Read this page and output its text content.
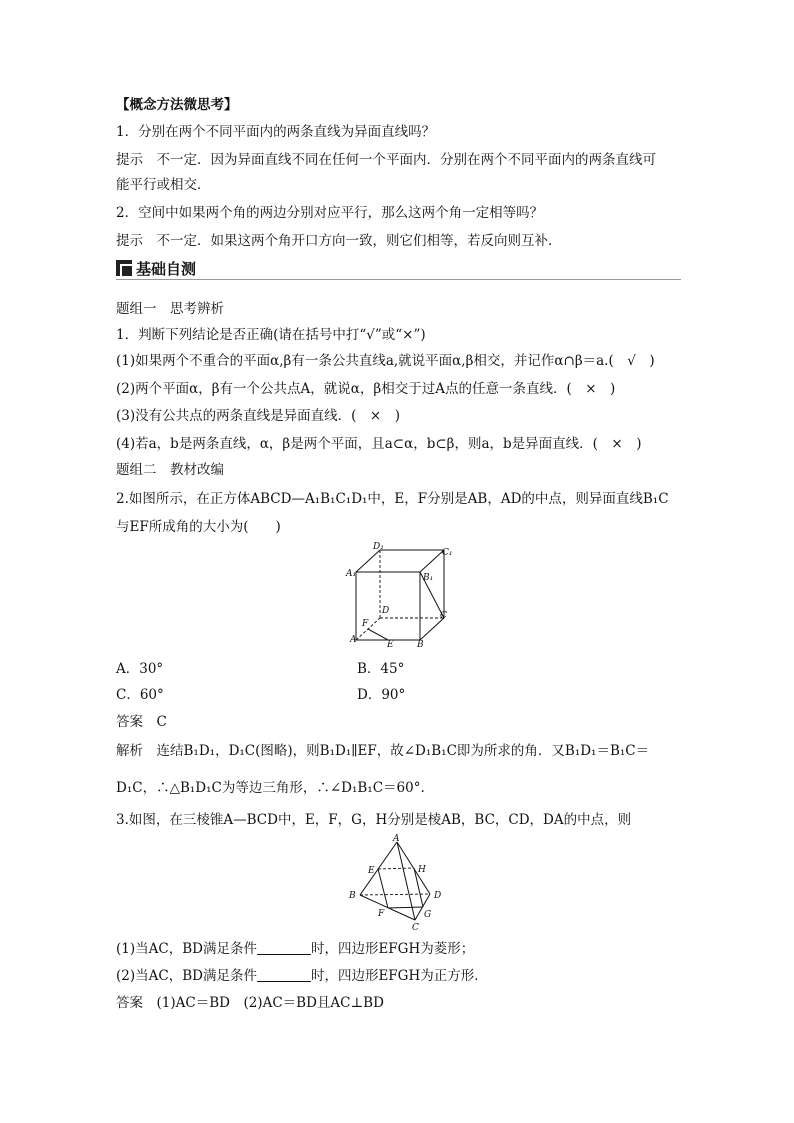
【概念方法微思考】
1．分别在两个不同平面内的两条直线为异面直线吗？
提示　不一定．因为异面直线不同在任何一个平面内．分别在两个不同平面内的两条直线可
能平行或相交．
2．空间中如果两个角的两边分别对应平行，那么这两个角一定相等吗？
提示　不一定．如果这两个角开口方向一致，则它们相等，若反向则互补．
基础自测
题组一　思考辨析
1．判断下列结论是否正确(请在括号中打“√”或“×”)
(1)如果两个不重合的平面α,β有一条公共直线a,就说平面α,β相交，并记作α∩β＝a.(　√　)
(2)两个平面α，β有一个公共点A，就说α，β相交于过A点的任意一条直线．(　×　)
(3)没有公共点的两条直线是异面直线．(　×　)
(4)若a，b是两条直线，α，β是两个平面，且a⊂α，b⊂β，则a，b是异面直线．(　×　)
题组二　教材改编
2.如图所示，在正方体ABCD—A₁B₁C₁D₁中，E，F分别是AB，AD的中点，则异面直线B₁C
与EF所成角的大小为(　　)
D₁
C₁
A₁	B₁
D	C
F
A	E	B
A．30°	B．45°
C．60°	D．90°
答案　C
解析　连结B₁D₁，D₁C(图略)，则B₁D₁∥EF，故∠D₁B₁C即为所求的角．又B₁D₁＝B₁C＝
D₁C，∴△B₁D₁C为等边三角形，∴∠D₁B₁C＝60°.
3.如图，在三棱锥A—BCD中，E，F，G，H分别是棱AB，BC，CD，DA的中点，则
A
E	H
B	D
F	G
C
(1)当AC，BD满足条件	时，四边形EFGH为菱形；
(2)当AC，BD满足条件	时，四边形EFGH为正方形．
答案　(1)AC＝BD　(2)AC＝BD且AC⊥BD
